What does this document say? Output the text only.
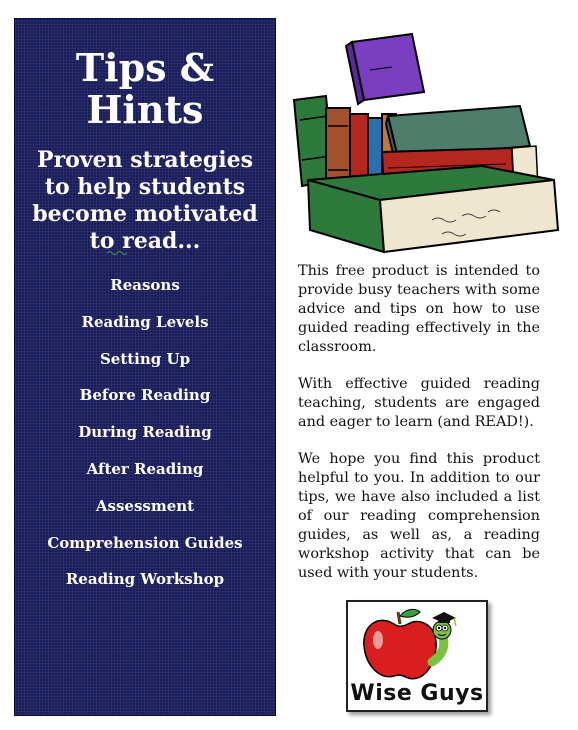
Tips &
Hints
Proven strategies
to help students
become motivated
to read...
Reasons
Reading Levels
Setting Up
Before Reading
During Reading
After Reading
Assessment
Comprehension Guides
Reading Workshop

This free product is intended to provide busy teachers with some advice and tips on how to use guided reading effectively in the classroom.

With effective guided reading teaching, students are engaged and eager to learn (and READ!).

We hope you find this product helpful to you. In addition to our tips, we have also included a list of our reading comprehension guides, as well as, a reading workshop activity that can be used with your students.

Wise Guys
